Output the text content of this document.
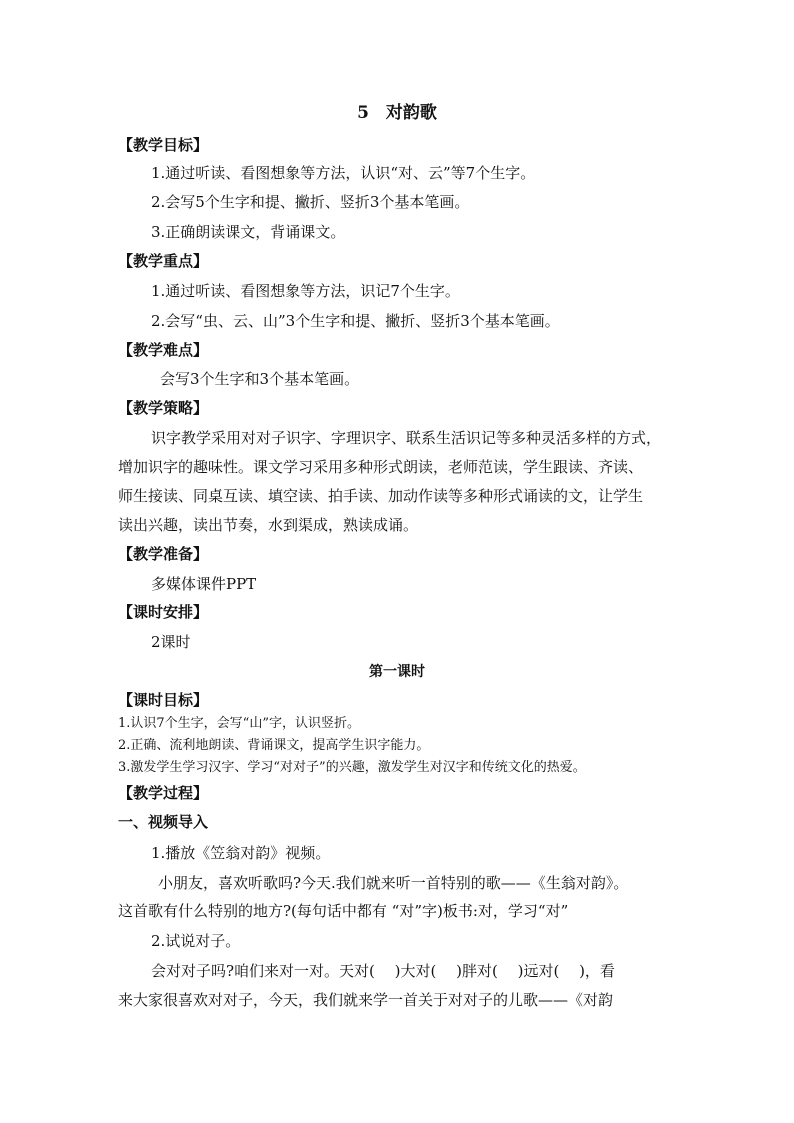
5　对韵歌
【教学目标】
1.通过听读、看图想象等方法，认识“对、云”等7个生字。
2.会写5个生字和提、撇折、竖折3个基本笔画。
3.正确朗读课文，背诵课文。
【教学重点】
1.通过听读、看图想象等方法，识记7个生字。
2.会写“虫、云、山”3个生字和提、撇折、竖折3个基本笔画。
【教学难点】
会写3个生字和3个基本笔画。
【教学策略】
识字教学采用对对子识字、字理识字、联系生活识记等多种灵活多样的方式，
增加识字的趣味性。课文学习采用多种形式朗读，老师范读，学生跟读、齐读、
师生接读、同桌互读、填空读、拍手读、加动作读等多种形式诵读的文，让学生
读出兴趣，读出节奏，水到渠成，熟读成诵。
【教学准备】
多媒体课件PPT
【课时安排】
2课时
第一课时
【课时目标】
1.认识7个生字，会写“山”字，认识竖折。
2.正确、流利地朗读、背诵课文，提高学生识字能力。
3.激发学生学习汉字、学习“对对子”的兴趣，激发学生对汉字和传统文化的热爱。
【教学过程】
一、视频导入
1.播放《笠翁对韵》视频。
小朋友，喜欢听歌吗?今天.我们就来听一首特别的歌——《生翁对韵》。
这首歌有什么特别的地方?(每句话中都有 “对”字)板书:对，学习“对”
2.试说对子。
会对对子吗?咱们来对一对。天对(　 )大对(　 )胖对(　 )远对(　 )，看
来大家很喜欢对对子，今天，我们就来学一首关于对对子的儿歌——《对韵
